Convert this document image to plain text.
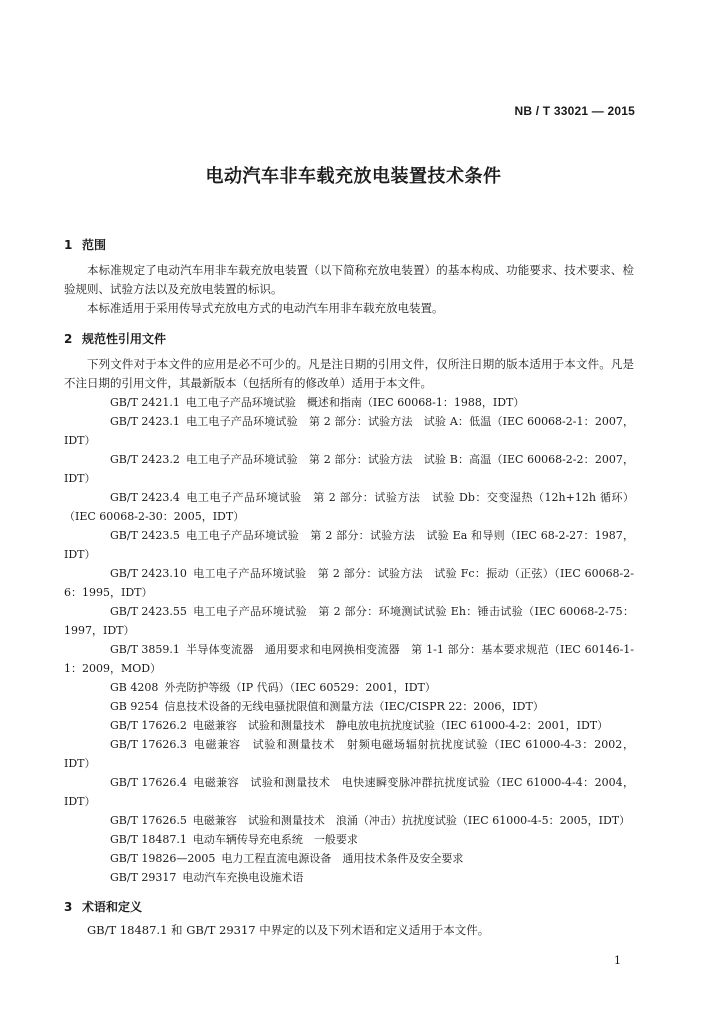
NB / T 33021 — 2015
电动汽车非车载充放电装置技术条件
1 范围
本标准规定了电动汽车用非车载充放电装置（以下简称充放电装置）的基本构成、功能要求、技术要求、检验规则、试验方法以及充放电装置的标识。
本标准适用于采用传导式充放电方式的电动汽车用非车载充放电装置。
2 规范性引用文件
下列文件对于本文件的应用是必不可少的。凡是注日期的引用文件，仅所注日期的版本适用于本文件。凡是不注日期的引用文件，其最新版本（包括所有的修改单）适用于本文件。
GB/T 2421.1 电工电子产品环境试验　概述和指南（IEC 60068-1：1988，IDT）
GB/T 2423.1 电工电子产品环境试验　第 2 部分：试验方法　试验 A：低温（IEC 60068-2-1：2007，IDT）
GB/T 2423.2 电工电子产品环境试验　第 2 部分：试验方法　试验 B：高温（IEC 60068-2-2：2007，IDT）
GB/T 2423.4 电工电子产品环境试验　第 2 部分：试验方法　试验 Db：交变湿热（12h+12h 循环）（IEC 60068-2-30：2005，IDT）
GB/T 2423.5 电工电子产品环境试验　第 2 部分：试验方法　试验 Ea 和导则（IEC 68-2-27：1987，IDT）
GB/T 2423.10 电工电子产品环境试验　第 2 部分：试验方法　试验 Fc：振动（正弦）（IEC 60068-2-6：1995，IDT）
GB/T 2423.55 电工电子产品环境试验　第 2 部分：环境测试试验 Eh：锤击试验（IEC 60068-2-75：1997，IDT）
GB/T 3859.1 半导体变流器　通用要求和电网换相变流器　第 1-1 部分：基本要求规范（IEC 60146-1-1：2009，MOD）
GB 4208 外壳防护等级（IP 代码）（IEC 60529：2001，IDT）
GB 9254 信息技术设备的无线电骚扰限值和测量方法（IEC/CISPR 22：2006，IDT）
GB/T 17626.2 电磁兼容　试验和测量技术　静电放电抗扰度试验（IEC 61000-4-2：2001，IDT）
GB/T 17626.3 电磁兼容　试验和测量技术　射频电磁场辐射抗扰度试验（IEC 61000-4-3：2002，IDT）
GB/T 17626.4 电磁兼容　试验和测量技术　电快速瞬变脉冲群抗扰度试验（IEC 61000-4-4：2004，IDT）
GB/T 17626.5 电磁兼容　试验和测量技术　浪涌（冲击）抗扰度试验（IEC 61000-4-5：2005，IDT）
GB/T 18487.1 电动车辆传导充电系统　一般要求
GB/T 19826—2005 电力工程直流电源设备　通用技术条件及安全要求
GB/T 29317 电动汽车充换电设施术语
3 术语和定义
GB/T 18487.1 和 GB/T 29317 中界定的以及下列术语和定义适用于本文件。
1
